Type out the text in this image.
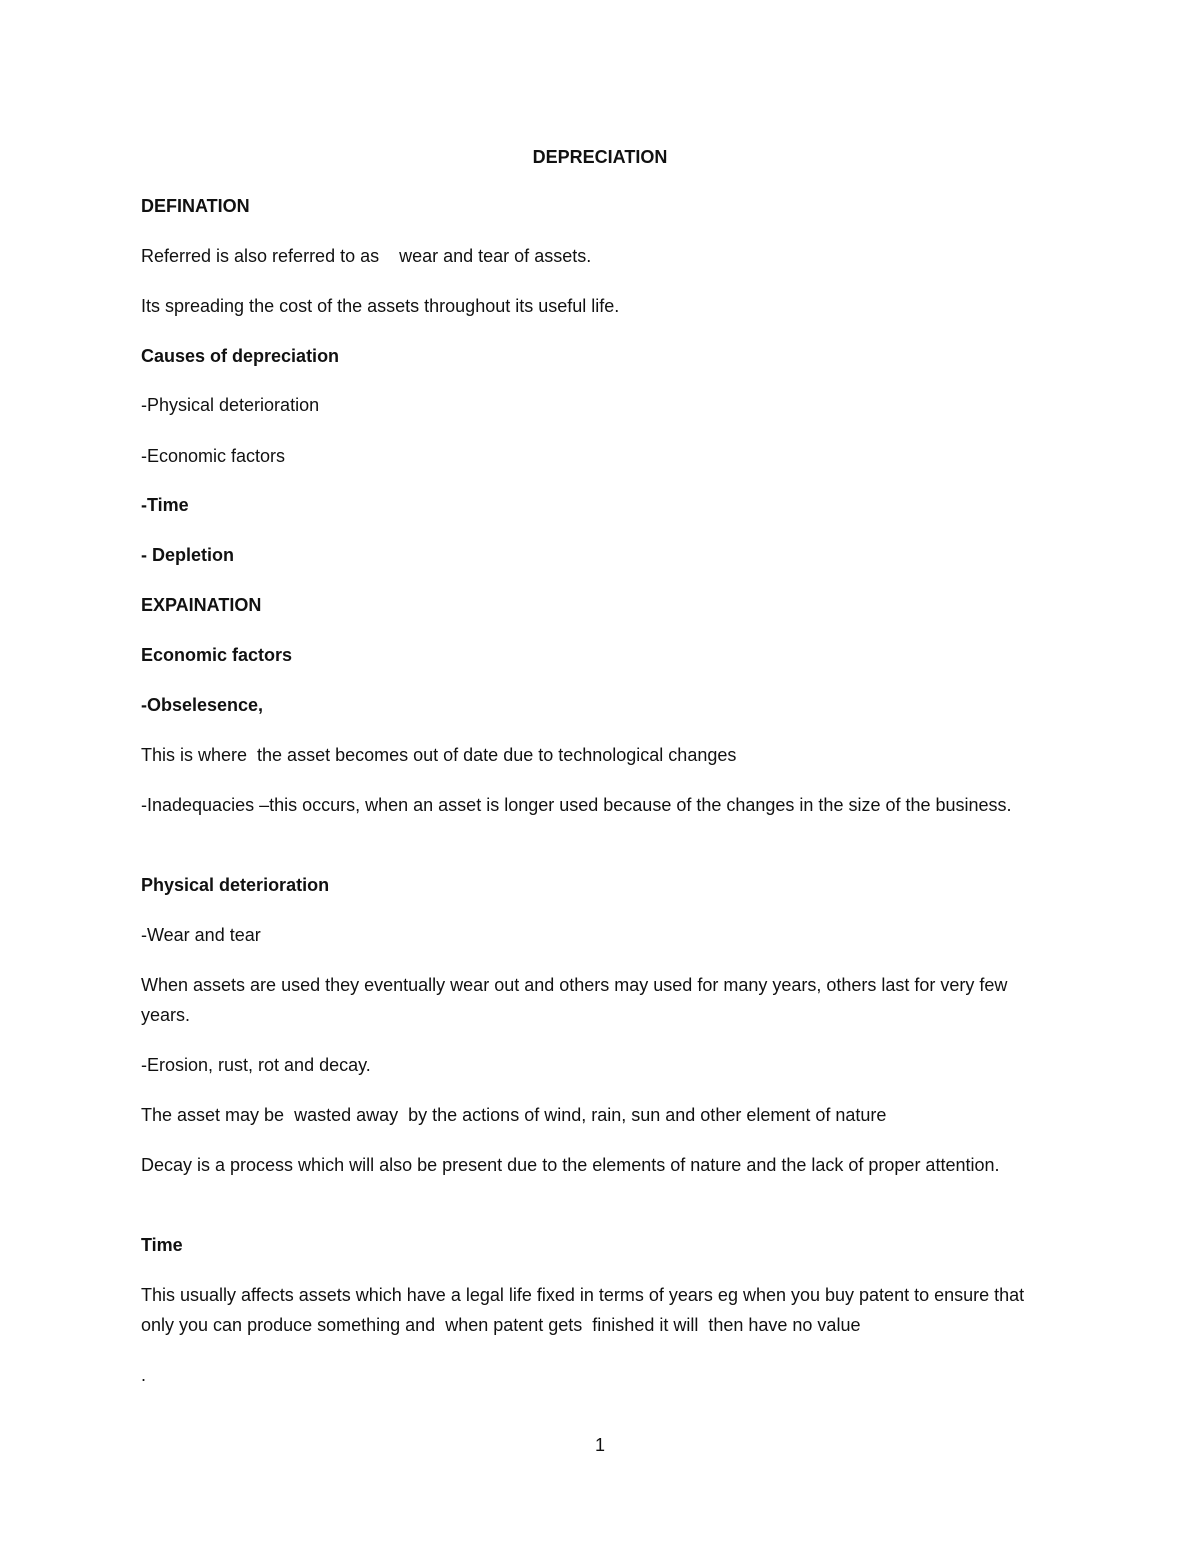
DEPRECIATION
DEFINATION
Referred is also referred to as    wear and tear of assets.
Its spreading the cost of the assets throughout its useful life.
Causes of depreciation
-Physical deterioration
-Economic factors
-Time
- Depletion
EXPAINATION
Economic factors
-Obselesence,
This is where  the asset becomes out of date due to technological changes
-Inadequacies –this occurs, when an asset is longer used because of the changes in the size of the business.
Physical deterioration
-Wear and tear
When assets are used they eventually wear out and others may used for many years, others last for very few years.
-Erosion, rust, rot and decay.
The asset may be  wasted away  by the actions of wind, rain, sun and other element of nature
Decay is a process which will also be present due to the elements of nature and the lack of proper attention.
Time
This usually affects assets which have a legal life fixed in terms of years eg when you buy patent to ensure that only you can produce something and  when patent gets  finished it will  then have no value
.
1
